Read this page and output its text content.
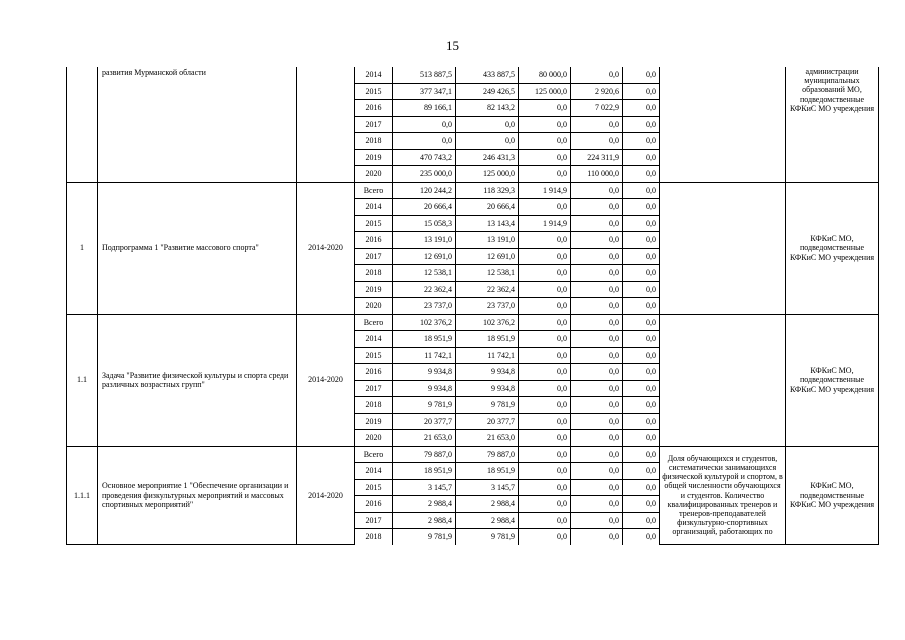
15
	развития Мурманской области		2014	513 887,5	433 887,5	80 000,0	0,0	0,0		администрации муниципальных образований МО, подведомственные КФКиС МО учреждения
			2015	377 347,1	249 426,5	125 000,0	2 920,6	0,0		
			2016	89 166,1	82 143,2	0,0	7 022,9	0,0		
			2017	0,0	0,0	0,0	0,0	0,0		
			2018	0,0	0,0	0,0	0,0	0,0		
			2019	470 743,2	246 431,3	0,0	224 311,9	0,0		
			2020	235 000,0	125 000,0	0,0	110 000,0	0,0		
1	Подпрограмма 1 "Развитие массового спорта"	2014-2020	Всего	120 244,2	118 329,3	1 914,9	0,0	0,0		КФКиС МО, подведомственные КФКиС МО учреждения
			2014	20 666,4	20 666,4	0,0	0,0	0,0		
			2015	15 058,3	13 143,4	1 914,9	0,0	0,0		
			2016	13 191,0	13 191,0	0,0	0,0	0,0		
			2017	12 691,0	12 691,0	0,0	0,0	0,0		
			2018	12 538,1	12 538,1	0,0	0,0	0,0		
			2019	22 362,4	22 362,4	0,0	0,0	0,0		
			2020	23 737,0	23 737,0	0,0	0,0	0,0		
1.1	Задача "Развитие физической культуры и спорта среди различных возрастных групп"	2014-2020	Всего	102 376,2	102 376,2	0,0	0,0	0,0		КФКиС МО, подведомственные КФКиС МО учреждения
			2014	18 951,9	18 951,9	0,0	0,0	0,0		
			2015	11 742,1	11 742,1	0,0	0,0	0,0		
			2016	9 934,8	9 934,8	0,0	0,0	0,0		
			2017	9 934,8	9 934,8	0,0	0,0	0,0		
			2018	9 781,9	9 781,9	0,0	0,0	0,0		
			2019	20 377,7	20 377,7	0,0	0,0	0,0		
			2020	21 653,0	21 653,0	0,0	0,0	0,0		
1.1.1	Основное мероприятие 1 "Обеспечение организации и проведения физкультурных мероприятий и массовых спортивных мероприятий"	2014-2020	Всего	79 887,0	79 887,0	0,0	0,0	0,0	Доля обучающихся и студентов, систематически занимающихся физической культурой и спортом, в общей численности обучающихся и студентов. Количество квалифицированных тренеров и тренеров-преподавателей физкультурно-спортивных организаций, работающих по	КФКиС МО, подведомственные КФКиС МО учреждения
			2014	18 951,9	18 951,9	0,0	0,0	0,0		
			2015	3 145,7	3 145,7	0,0	0,0	0,0		
			2016	2 988,4	2 988,4	0,0	0,0	0,0		
			2017	2 988,4	2 988,4	0,0	0,0	0,0		
			2018	9 781,9	9 781,9	0,0	0,0	0,0		
